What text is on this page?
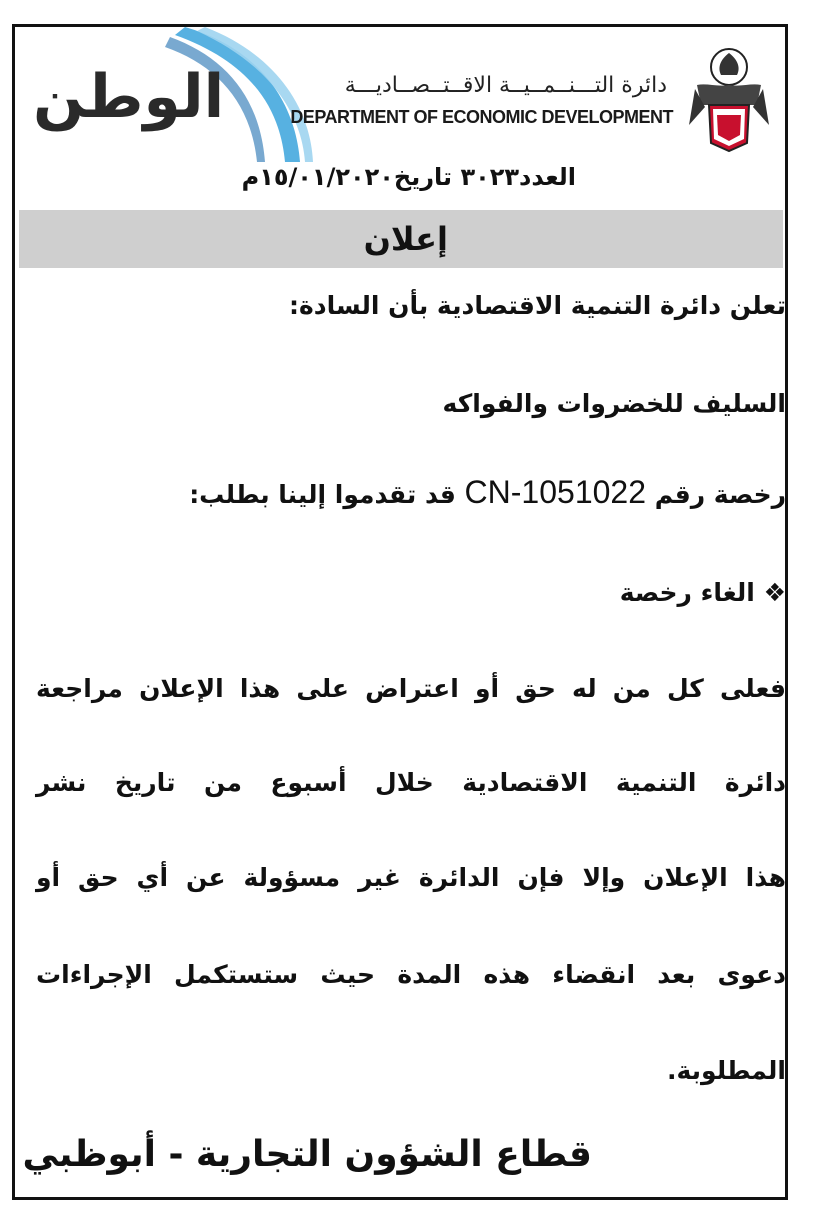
الوطن	دائرة التـــنــمــيــة الاقــتــصــاديـــة
DEPARTMENT OF ECONOMIC DEVELOPMENT
العدد٣٠٢٣ تاريخ١٥/٠١/٢٠٢٠م
إعلان
تعلن دائرة التنمية الاقتصادية بأن السادة:
السليف للخضروات والفواكه
رخصة رقم CN-1051022 قد تقدموا إلينا بطلب:
❖ الغاء رخصة
فعلى كل من له حق أو اعتراض على هذا الإعلان مراجعة
دائرة التنمية الاقتصادية خلال أسبوع من تاريخ نشر
هذا الإعلان وإلا فإن الدائرة غير مسؤولة عن أي حق أو
دعوى بعد انقضاء هذه المدة حيث ستستكمل الإجراءات
المطلوبة.
قطاع الشؤون التجارية - أبوظبي
